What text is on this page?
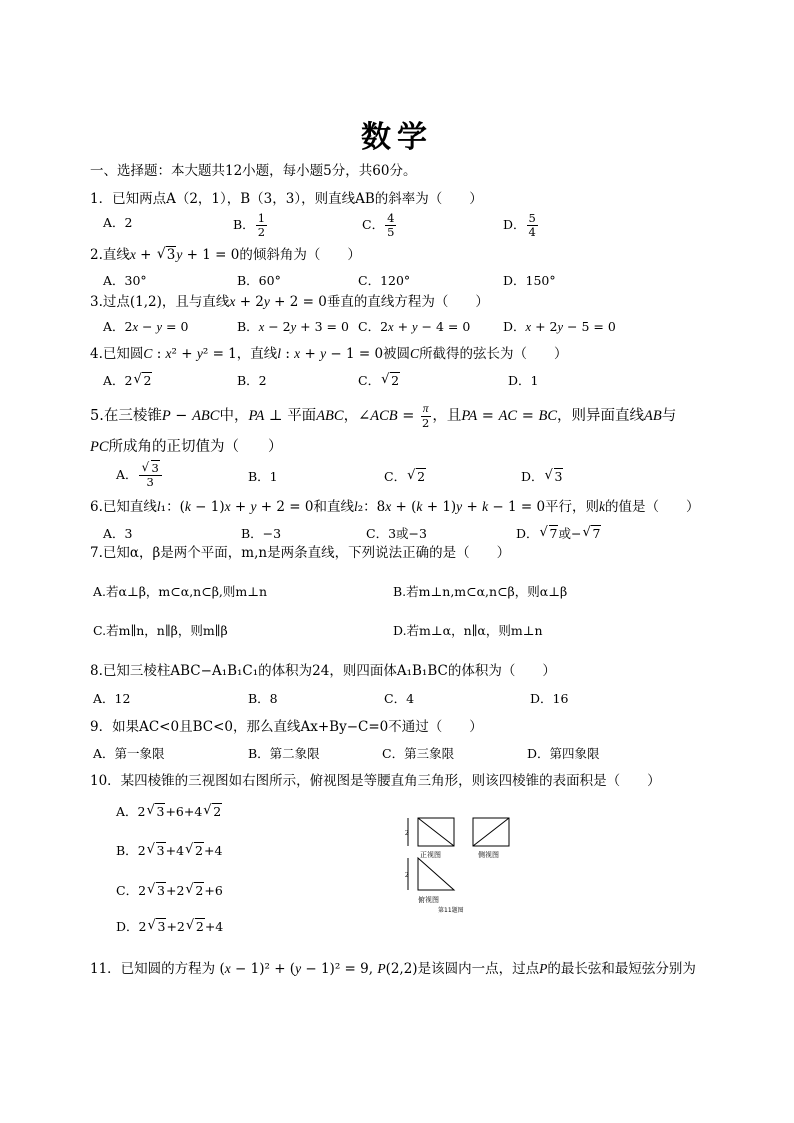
数学
一、选择题：本大题共12小题，每小题5分，共60分。
1．已知两点A（2，1），B（3，3），则直线AB的斜率为（　　）
A．2	B． $\frac{1}{2}$	C． $\frac{4}{5}$	D． $\frac{5}{4}$
2.直线x + √ 3y + 1 = 0的倾斜角为（　　）
A．30°	B．60°	C．120°	D．150°
3.过点(1,2)，且与直线x + 2y + 2 = 0垂直的直线方程为（　　）
A．2x − y = 0	B．x − 2y + 3 = 0 C．2x + y − 4 = 0	D．x + 2y − 5 = 0
4.已知圆C : x² + y² = 1，直线l : x + y − 1 = 0被圆C所截得的弦长为（　　）
A．2 √ 2	B．2	C． √ 2	D．1
5.在三棱锥P − ABC中，PA ⊥ 平面ABC，∠ACB = $\frac{\pi}{2}$ ，且PA = AC = BC，则异面直线AB与
PC所成角的正切值为（　　）
A． √ $\frac{3}{3}$	B．1	C． √ 2	D． √ 3
6.已知直线l₁：(k − 1)x + y + 2 = 0和直线l₂：8x + (k + 1)y + k − 1 = 0平行，则k的值是（　　）
A．3	B．−3	C．3或−3	D． √ 7或− √ 7
7.已知α，β是两个平面，m,n是两条直线，下列说法正确的是（　　）
A.若α⊥β，m⊂α,n⊂β,则m⊥n	B.若m⊥n,m⊂α,n⊂β，则α⊥β
C.若m∥n，n∥β，则m∥β	D.若m⊥α，n∥α，则m⊥n
8.已知三棱柱ABC−A₁B₁C₁的体积为24，则四面体A₁B₁BC的体积为（　　）
A．12	B．8	C．4	D．16
9．如果AC<0且BC<0，那么直线Ax+By−C=0不通过（　　）
A．第一象限	B．第二象限	C．第三象限	D．第四象限
10．某四棱锥的三视图如右图所示，俯视图是等腰直角三角形，则该四棱锥的表面积是（　　）
A．2 √ 3+6+4 √ 2
B．2 √ 3+4 √ 2+4
C．2 √ 3+2 √ 2+6
D．2 √ 3+2 √ 2+4
2
2
正视图	侧视图
俯视图
第11题图
11．已知圆的方程为 (x − 1)² + (y − 1)² = 9, P(2,2)是该圆内一点，过点P的最长弦和最短弦分别为
